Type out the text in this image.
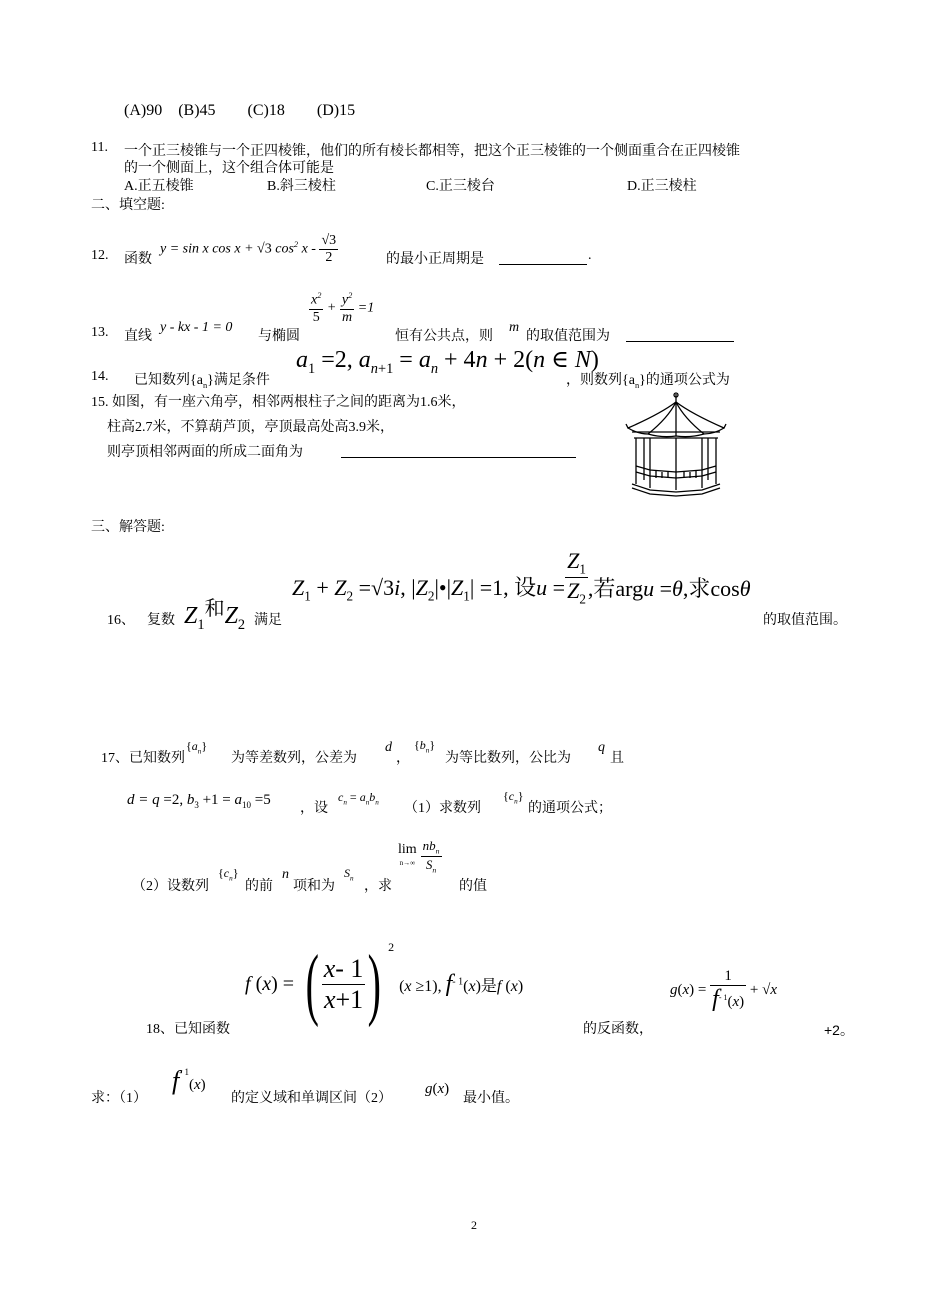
(A)90　(B)45　　(C)18　　(D)15
11. 一个正三棱锥与一个正四棱锥，他们的所有棱长都相等，把这个正三棱锥的一个侧面重合在正四棱锥
的一个侧面上，这个组合体可能是
A.正五棱锥	B.斜三棱柱	C.正三棱台	D.正三棱柱
二、填空题:
12. 函数
y = sin x cos x + √3 $\cos^2 x - \frac{√3}{2}$	的最小正周期是	.
13. 直线
y - kx - 1 = 0
与椭圆
$\frac{x^2}{5} + \frac{y^2}{m} =1$
恒有公共点，则
m
的取值范围为
14. 已知数列$\{a_n\}$满足条件
$a_1 =2$, $a_{n+1} = a_n + 4n + 2(n$ ∈ N)
，则数列$\{a_n\}$的通项公式为
15. 如图，有一座六角亭，相邻两根柱子之间的距离为1.6米，
柱高2.7米，不算葫芦顶，亭顶最高处高3.9米，
则亭顶相邻两面的所成二面角为
三、解答题:
16、 复数 $Z_1^和Z_2$ 满足
$Z_1 + Z_2 =√3i$, $|Z_2|•|Z_1| =1$, 设$u = \frac{Z_1}{Z_2}$ ,若argu =θ,求cosθ
的取值范围。
17、已知数列
$\{a_n\}$
为等差数列，公差为
d
，
$\{b_n\}$
为等比数列，公比为
q
且
d = q =2, $b_3 +1 = a_{10} =5$
，设
$c_n = a_nb_n$ （1）求数列
$\{c_n\}$
的通项公式；
（2）设数列
$\{c_n\}$
的前
n
项和为
$S_n$
，求
lim
$n\to\infty \frac{nb_n}{S_n}$
的值
f (x) = ( $\frac{x- 1}{x+1}$ ) $^2$ (x ≥1), $f^{- 1}(x)$是f (x)
18、已知函数	的反函数，
$g(x) = \frac{1}{f^{- 1}(x)} + √x$
+2。
求：（1）
$f^{- 1}(x)$
的定义域和单调区间（2）
g(x)
最小值。
2
